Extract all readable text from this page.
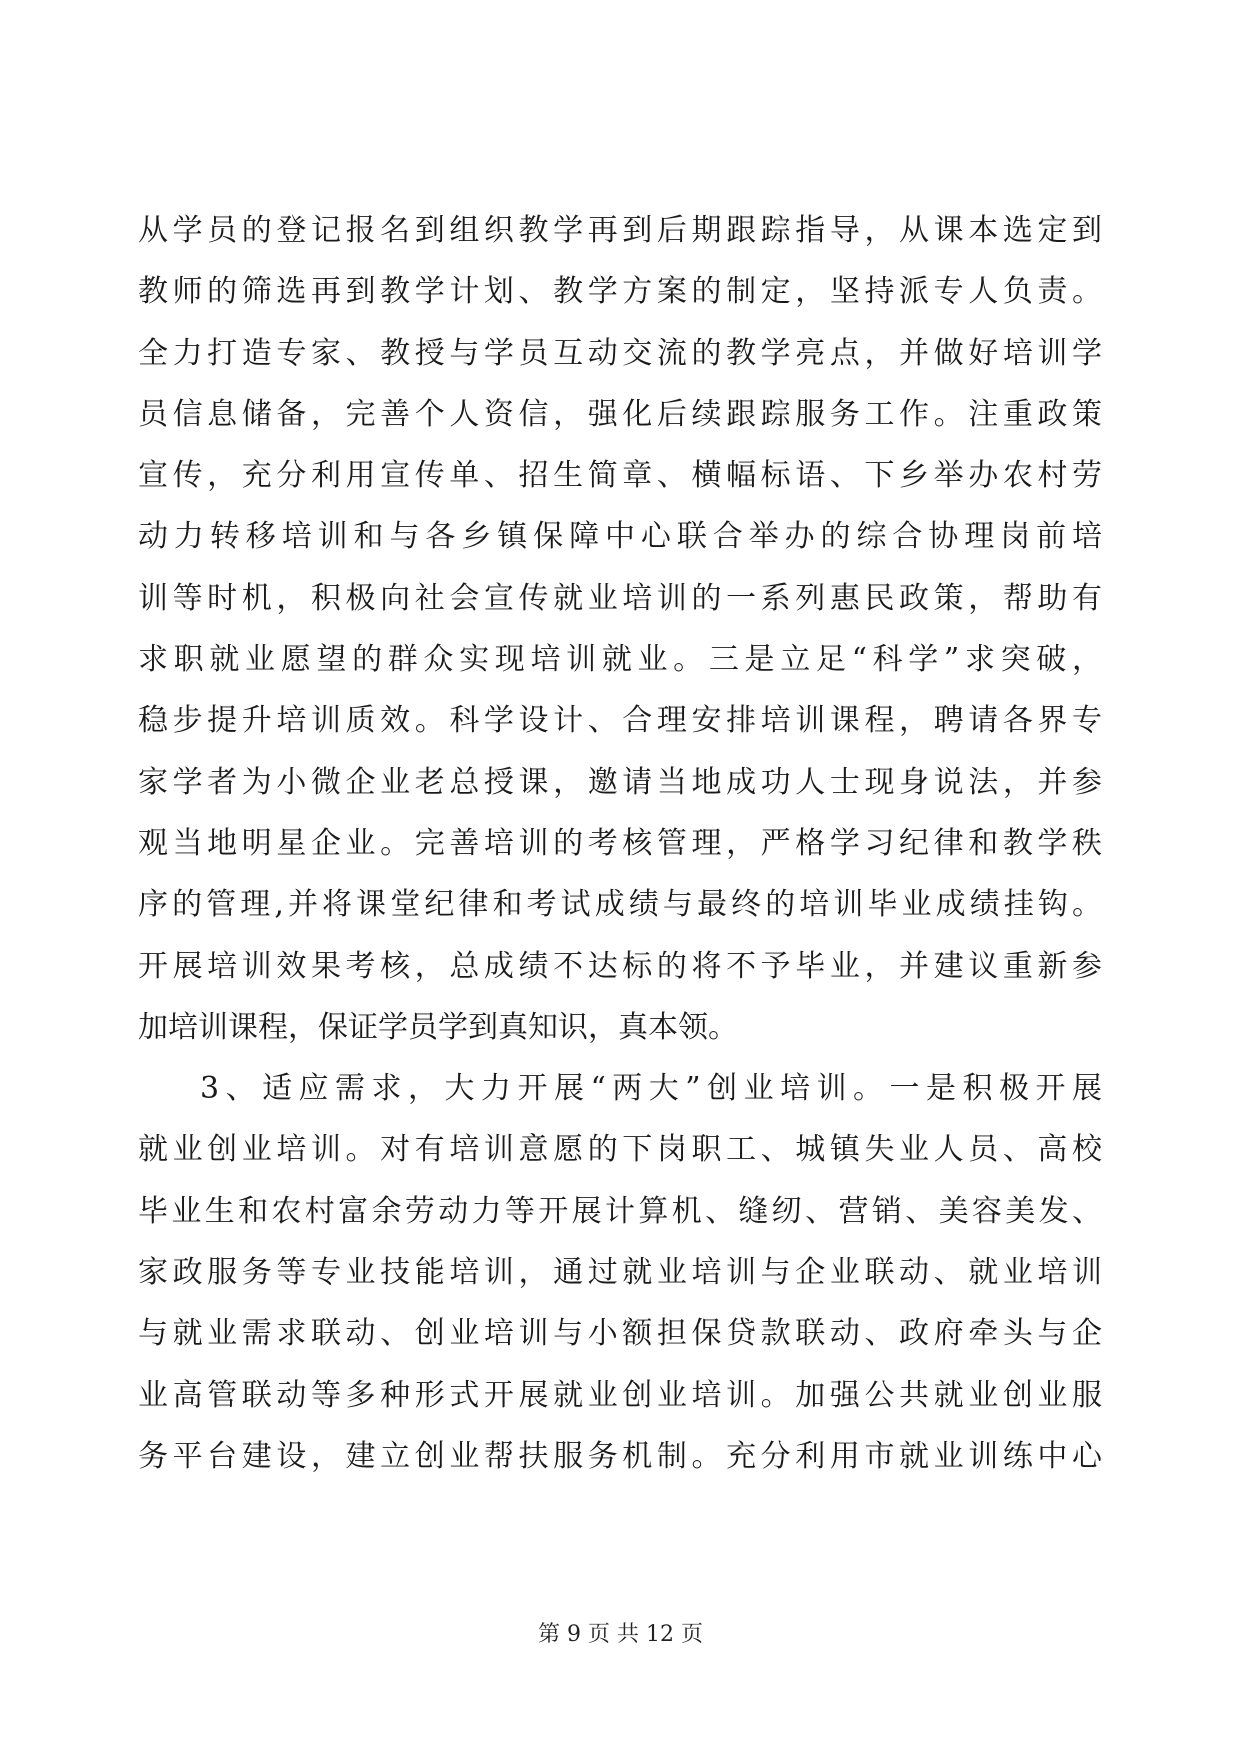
从学员的登记报名到组织教学再到后期跟踪指导，从课本选定到
教师的筛选再到教学计划、教学方案的制定，坚持派专人负责。
全力打造专家、教授与学员互动交流的教学亮点，并做好培训学
员信息储备，完善个人资信，强化后续跟踪服务工作。注重政策
宣传，充分利用宣传单、招生简章、横幅标语、下乡举办农村劳
动力转移培训和与各乡镇保障中心联合举办的综合协理岗前培
训等时机，积极向社会宣传就业培训的一系列惠民政策，帮助有
求职就业愿望的群众实现培训就业。三是立足“科学”求突破，
稳步提升培训质效。科学设计、合理安排培训课程，聘请各界专
家学者为小微企业老总授课，邀请当地成功人士现身说法，并参
观当地明星企业。完善培训的考核管理，严格学习纪律和教学秩
序的管理,并将课堂纪律和考试成绩与最终的培训毕业成绩挂钩。
开展培训效果考核，总成绩不达标的将不予毕业，并建议重新参
加培训课程，保证学员学到真知识，真本领。
3、适应需求，大力开展“两大”创业培训。一是积极开展
就业创业培训。对有培训意愿的下岗职工、城镇失业人员、高校
毕业生和农村富余劳动力等开展计算机、缝纫、营销、美容美发、
家政服务等专业技能培训，通过就业培训与企业联动、就业培训
与就业需求联动、创业培训与小额担保贷款联动、政府牵头与企
业高管联动等多种形式开展就业创业培训。加强公共就业创业服
务平台建设，建立创业帮扶服务机制。充分利用市就业训练中心
第 9 页 共 12 页
